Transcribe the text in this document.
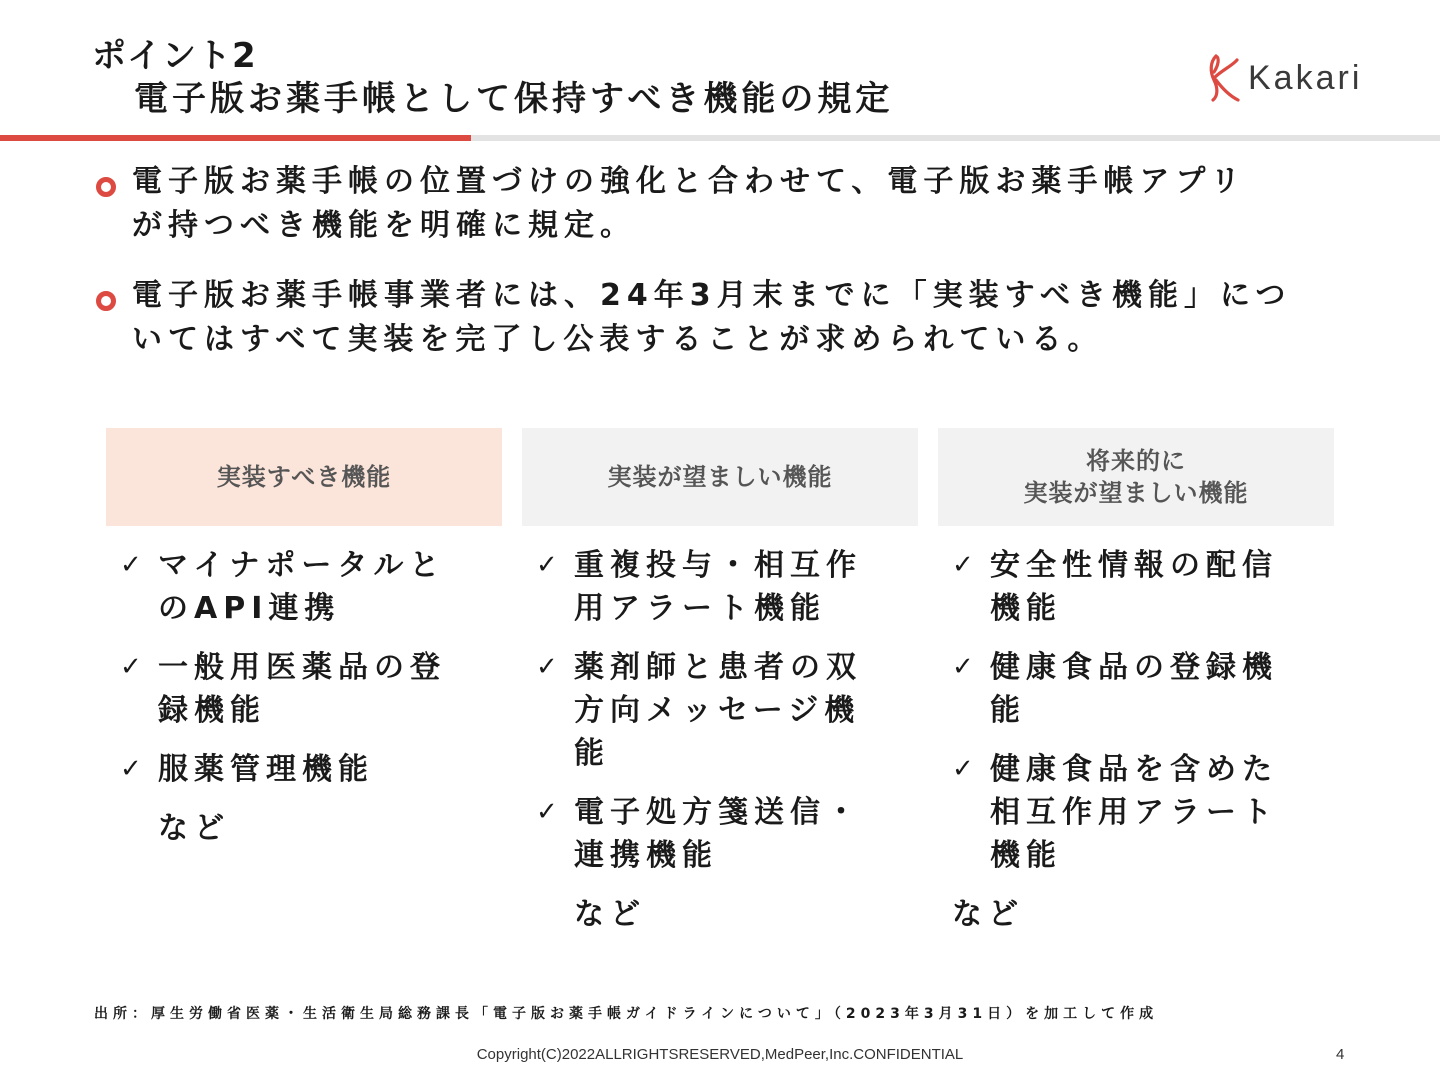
ポイント2

電子版お薬手帳として保持すべき機能の規定

Kakari

電子版お薬手帳の位置づけの強化と合わせて、電子版お薬手帳アプリ

が持つべき機能を明確に規定。

電子版お薬手帳事業者には、24年3月末までに「実装すべき機能」につ

いてはすべて実装を完了し公表することが求められている。

実装すべき機能
✓ マイナポータルと
のAPI連携
✓ 一般用医薬品の登
録機能
✓ 服薬管理機能
など
実装が望ましい機能
✓ 重複投与・相互作
用アラート機能
✓ 薬剤師と患者の双
方向メッセージ機
能
✓ 電子処方箋送信・
連携機能
など
将来的に
実装が望ましい機能
✓ 安全性情報の配信
機能
✓ 健康食品の登録機
能
✓ 健康食品を含めた
相互作用アラート
機能
など
出所：厚生労働省医薬・生活衛生局総務課長「電子版お薬手帳ガイドラインについて」（2023年3月31日）を加工して作成
Copyright(C)2022ALLRIGHTSRESERVED,MedPeer,Inc.CONFIDENTIAL	4
